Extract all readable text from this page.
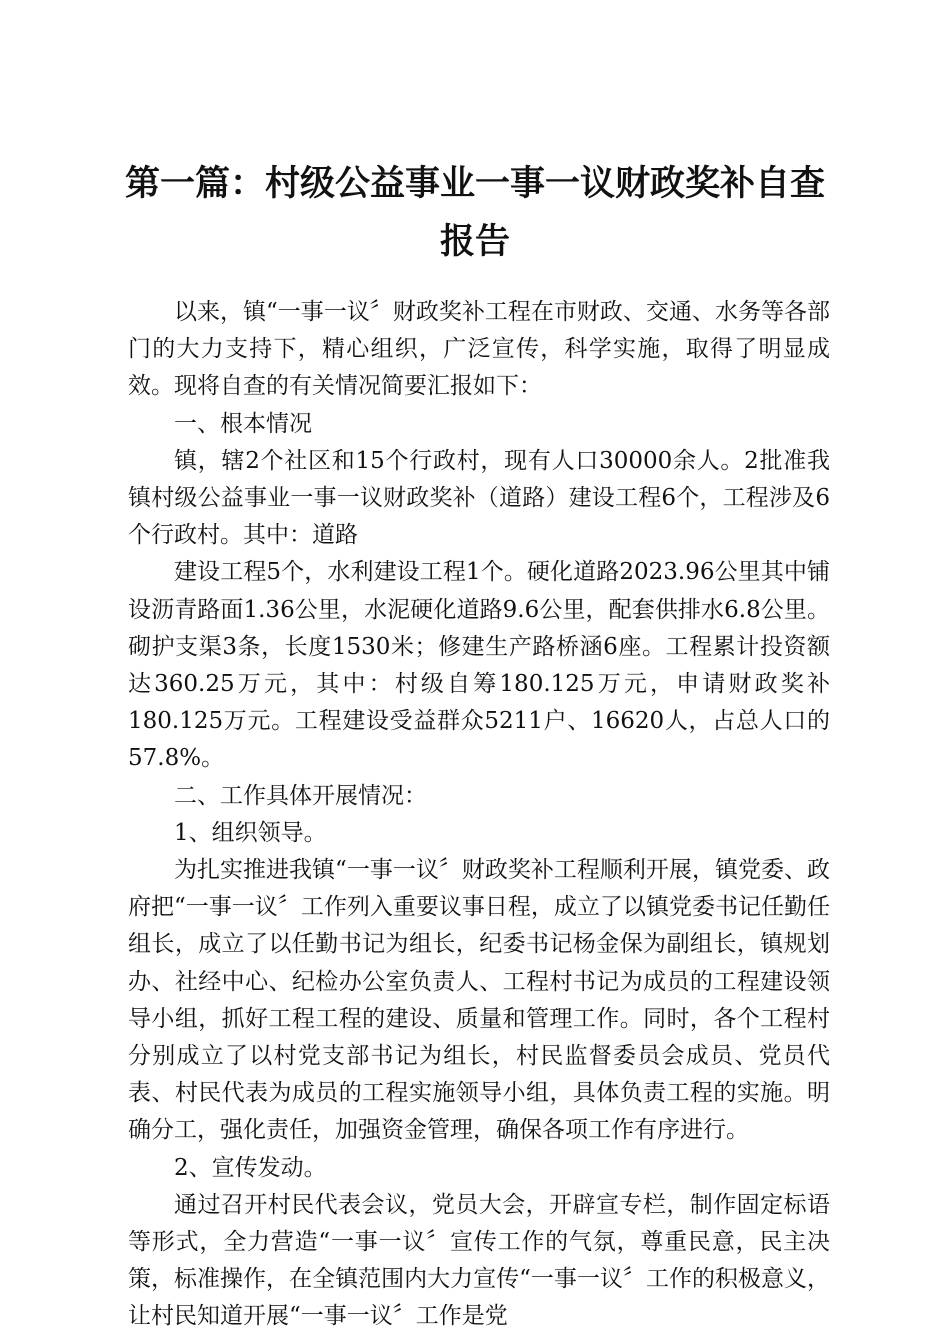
第一篇：村级公益事业一事一议财政奖补自查
报告

以来，镇“一事一议〞财政奖补工程在市财政、交通、水务等各部门的大力支持下，精心组织，广泛宣传，科学实施，取得了明显成效。现将自查的有关情况简要汇报如下：

一、根本情况

镇，辖2个社区和15个行政村，现有人口30000余人。2批准我镇村级公益事业一事一议财政奖补（道路）建设工程6个，工程涉及6个行政村。其中：道路

建设工程5个，水利建设工程1个。硬化道路2023.96公里其中铺设沥青路面1.36公里，水泥硬化道路9.6公里，配套供排水6.8公里。砌护支渠3条，长度1530米；修建生产路桥涵6座。工程累计投资额达360.25万元，其中：村级自筹180.125万元，申请财政奖补180.125万元。工程建设受益群众5211户、16620人，占总人口的57.8%。

二、工作具体开展情况：

1、组织领导。

为扎实推进我镇“一事一议〞财政奖补工程顺利开展，镇党委、政府把“一事一议〞工作列入重要议事日程，成立了以镇党委书记任勤任组长，成立了以任勤书记为组长，纪委书记杨金保为副组长，镇规划办、社经中心、纪检办公室负责人、工程村书记为成员的工程建设领导小组，抓好工程工程的建设、质量和管理工作。同时，各个工程村分别成立了以村党支部书记为组长，村民监督委员会成员、党员代表、村民代表为成员的工程实施领导小组，具体负责工程的实施。明确分工，强化责任，加强资金管理，确保各项工作有序进行。

2、宣传发动。

通过召开村民代表会议，党员大会，开辟宣专栏，制作固定标语等形式，全力营造“一事一议〞宣传工作的气氛，尊重民意，民主决策，标准操作，在全镇范围内大力宣传“一事一议〞工作的积极意义，让村民知道开展“一事一议〞工作是党
